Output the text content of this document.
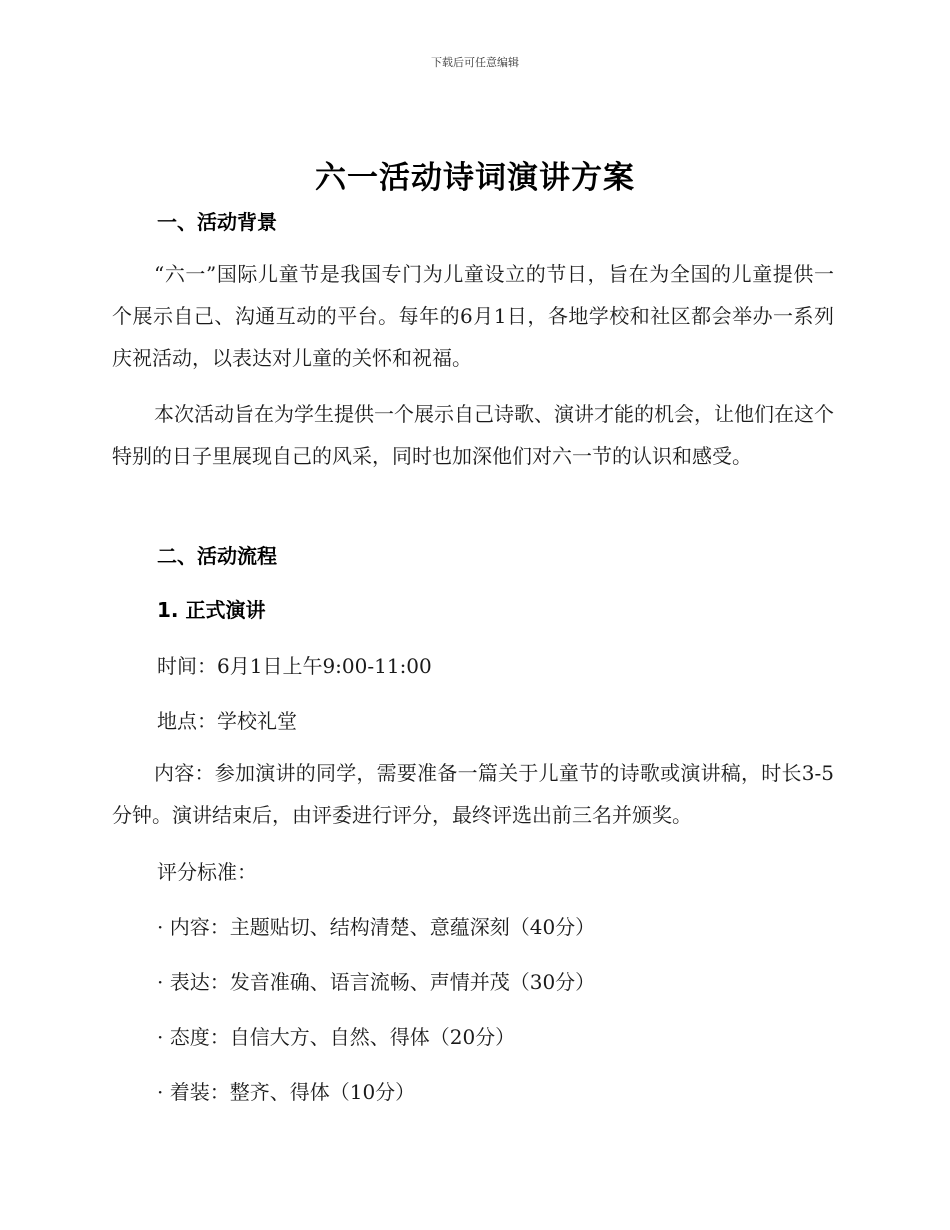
下载后可任意编辑
六一活动诗词演讲方案
一、活动背景
“六一”国际儿童节是我国专门为儿童设立的节日，旨在为全国的儿童提供一个展示自己、沟通互动的平台。每年的6月1日，各地学校和社区都会举办一系列庆祝活动，以表达对儿童的关怀和祝福。
本次活动旨在为学生提供一个展示自己诗歌、演讲才能的机会，让他们在这个特别的日子里展现自己的风采，同时也加深他们对六一节的认识和感受。
二、活动流程
1. 正式演讲
时间：6月1日上午9:00-11:00
地点：学校礼堂
内容：参加演讲的同学，需要准备一篇关于儿童节的诗歌或演讲稿，时长3-5分钟。演讲结束后，由评委进行评分，最终评选出前三名并颁奖。
评分标准：
· 内容：主题贴切、结构清楚、意蕴深刻（40分）
· 表达：发音准确、语言流畅、声情并茂（30分）
· 态度：自信大方、自然、得体（20分）
· 着装：整齐、得体（10分）
